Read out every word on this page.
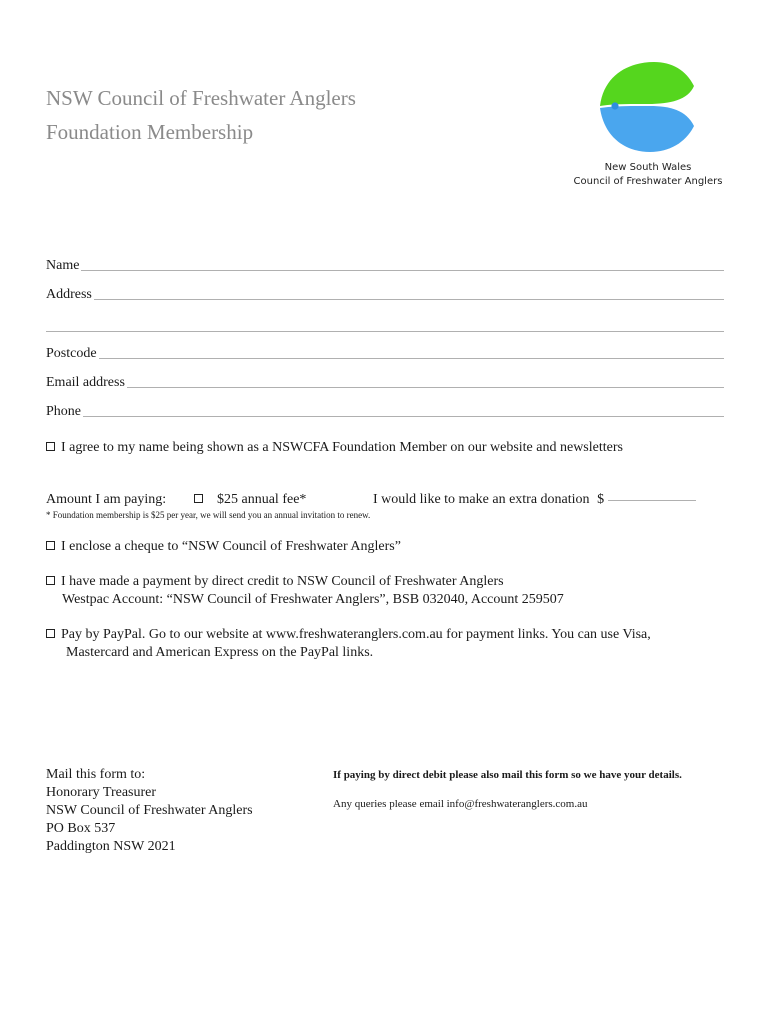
NSW Council of Freshwater Anglers
Foundation Membership
New South Wales
Council of Freshwater Anglers
Name
Address
Postcode
Email address
Phone
I agree to my name being shown as a NSWCFA Foundation Member on our website and newsletters
Amount I am paying:	$25 annual fee*	I would like to make an extra donation $
* Foundation membership is $25 per year, we will send you an annual invitation to renew.
I enclose a cheque to “NSW Council of Freshwater Anglers”
I have made a payment by direct credit to NSW Council of Freshwater Anglers
Westpac Account: “NSW Council of Freshwater Anglers”, BSB 032040, Account 259507
Pay by PayPal. Go to our website at www.freshwateranglers.com.au for payment links. You can use Visa,
Mastercard and American Express on the PayPal links.
Mail this form to:
Honorary Treasurer
NSW Council of Freshwater Anglers
PO Box 537
Paddington NSW 2021
If paying by direct debit please also mail this form so we have your details.
Any queries please email info@freshwateranglers.com.au
